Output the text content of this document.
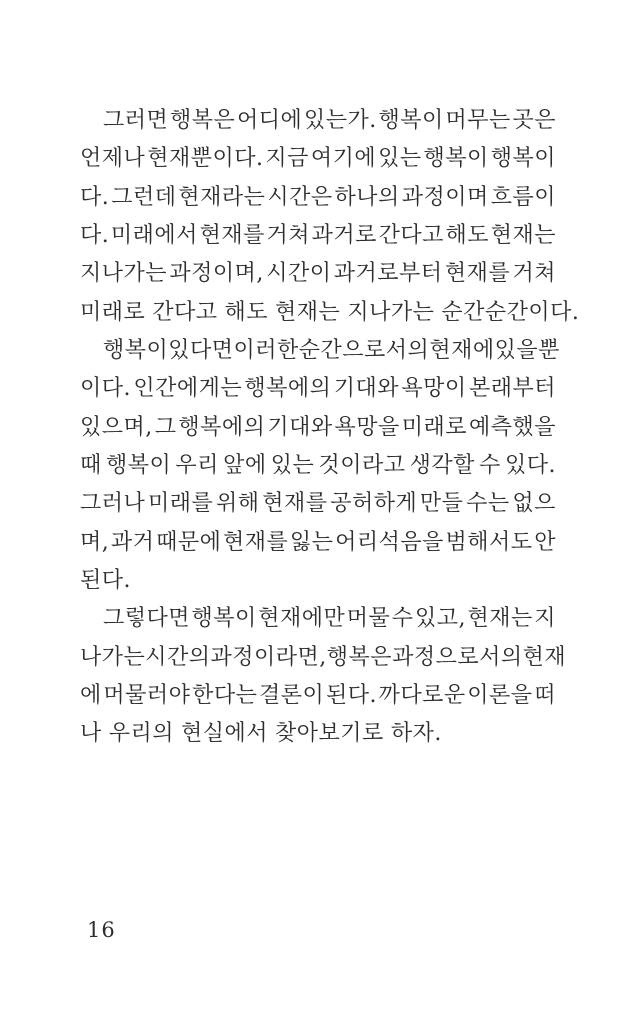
그러면 행복은 어디에 있는가. 행복이 머무는 곳은
언제나 현재뿐이다. 지금 여기에 있는 행복이 행복이
다. 그런데 현재라는 시간은 하나의 과정이며 흐름이
다. 미래에서 현재를 거쳐 과거로 간다고 해도 현재는
지나가는 과정이며, 시간이 과거로부터 현재를 거쳐
미래로 간다고 해도 현재는 지나가는 순간순간이다.
행복이 있다면 이러한 순간으로서의 현재에 있을 뿐
이다. 인간에게는 행복에의 기대와 욕망이 본래부터
있으며, 그 행복에의 기대와 욕망을 미래로 예측했을
때 행복이 우리 앞에 있는 것이라고 생각할 수 있다.
그러나 미래를 위해 현재를 공허하게 만들 수는 없으
며, 과거 때문에 현재를 잃는 어리석음을 범해서도 안
된다.
그렇다면 행복이 현재에만 머물 수 있고, 현재는 지
나가는 시간의 과정이라면, 행복은 과정으로서의 현재
에 머물러야 한다는 결론이 된다. 까다로운 이론을 떠
나 우리의 현실에서 찾아보기로 하자.
16
